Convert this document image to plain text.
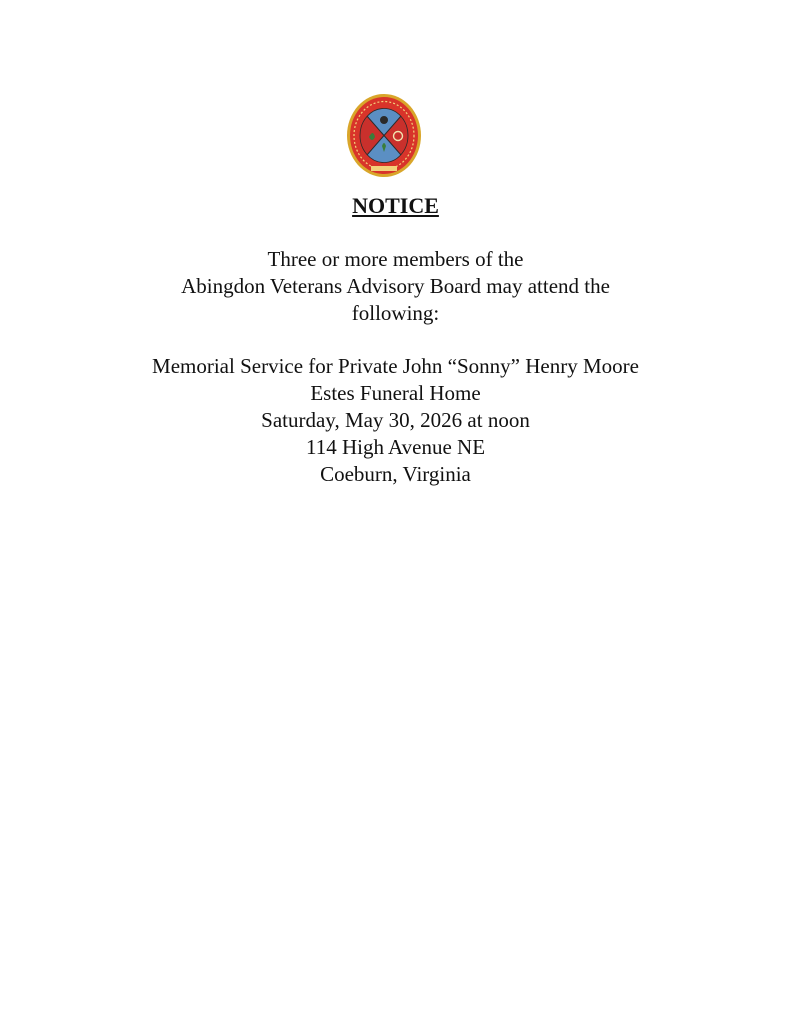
NOTICE
Three or more members of the
Abingdon Veterans Advisory Board may attend the
following:
Memorial Service for Private John “Sonny” Henry Moore
Estes Funeral Home
Saturday, May 30, 2026 at noon
114 High Avenue NE
Coeburn, Virginia
